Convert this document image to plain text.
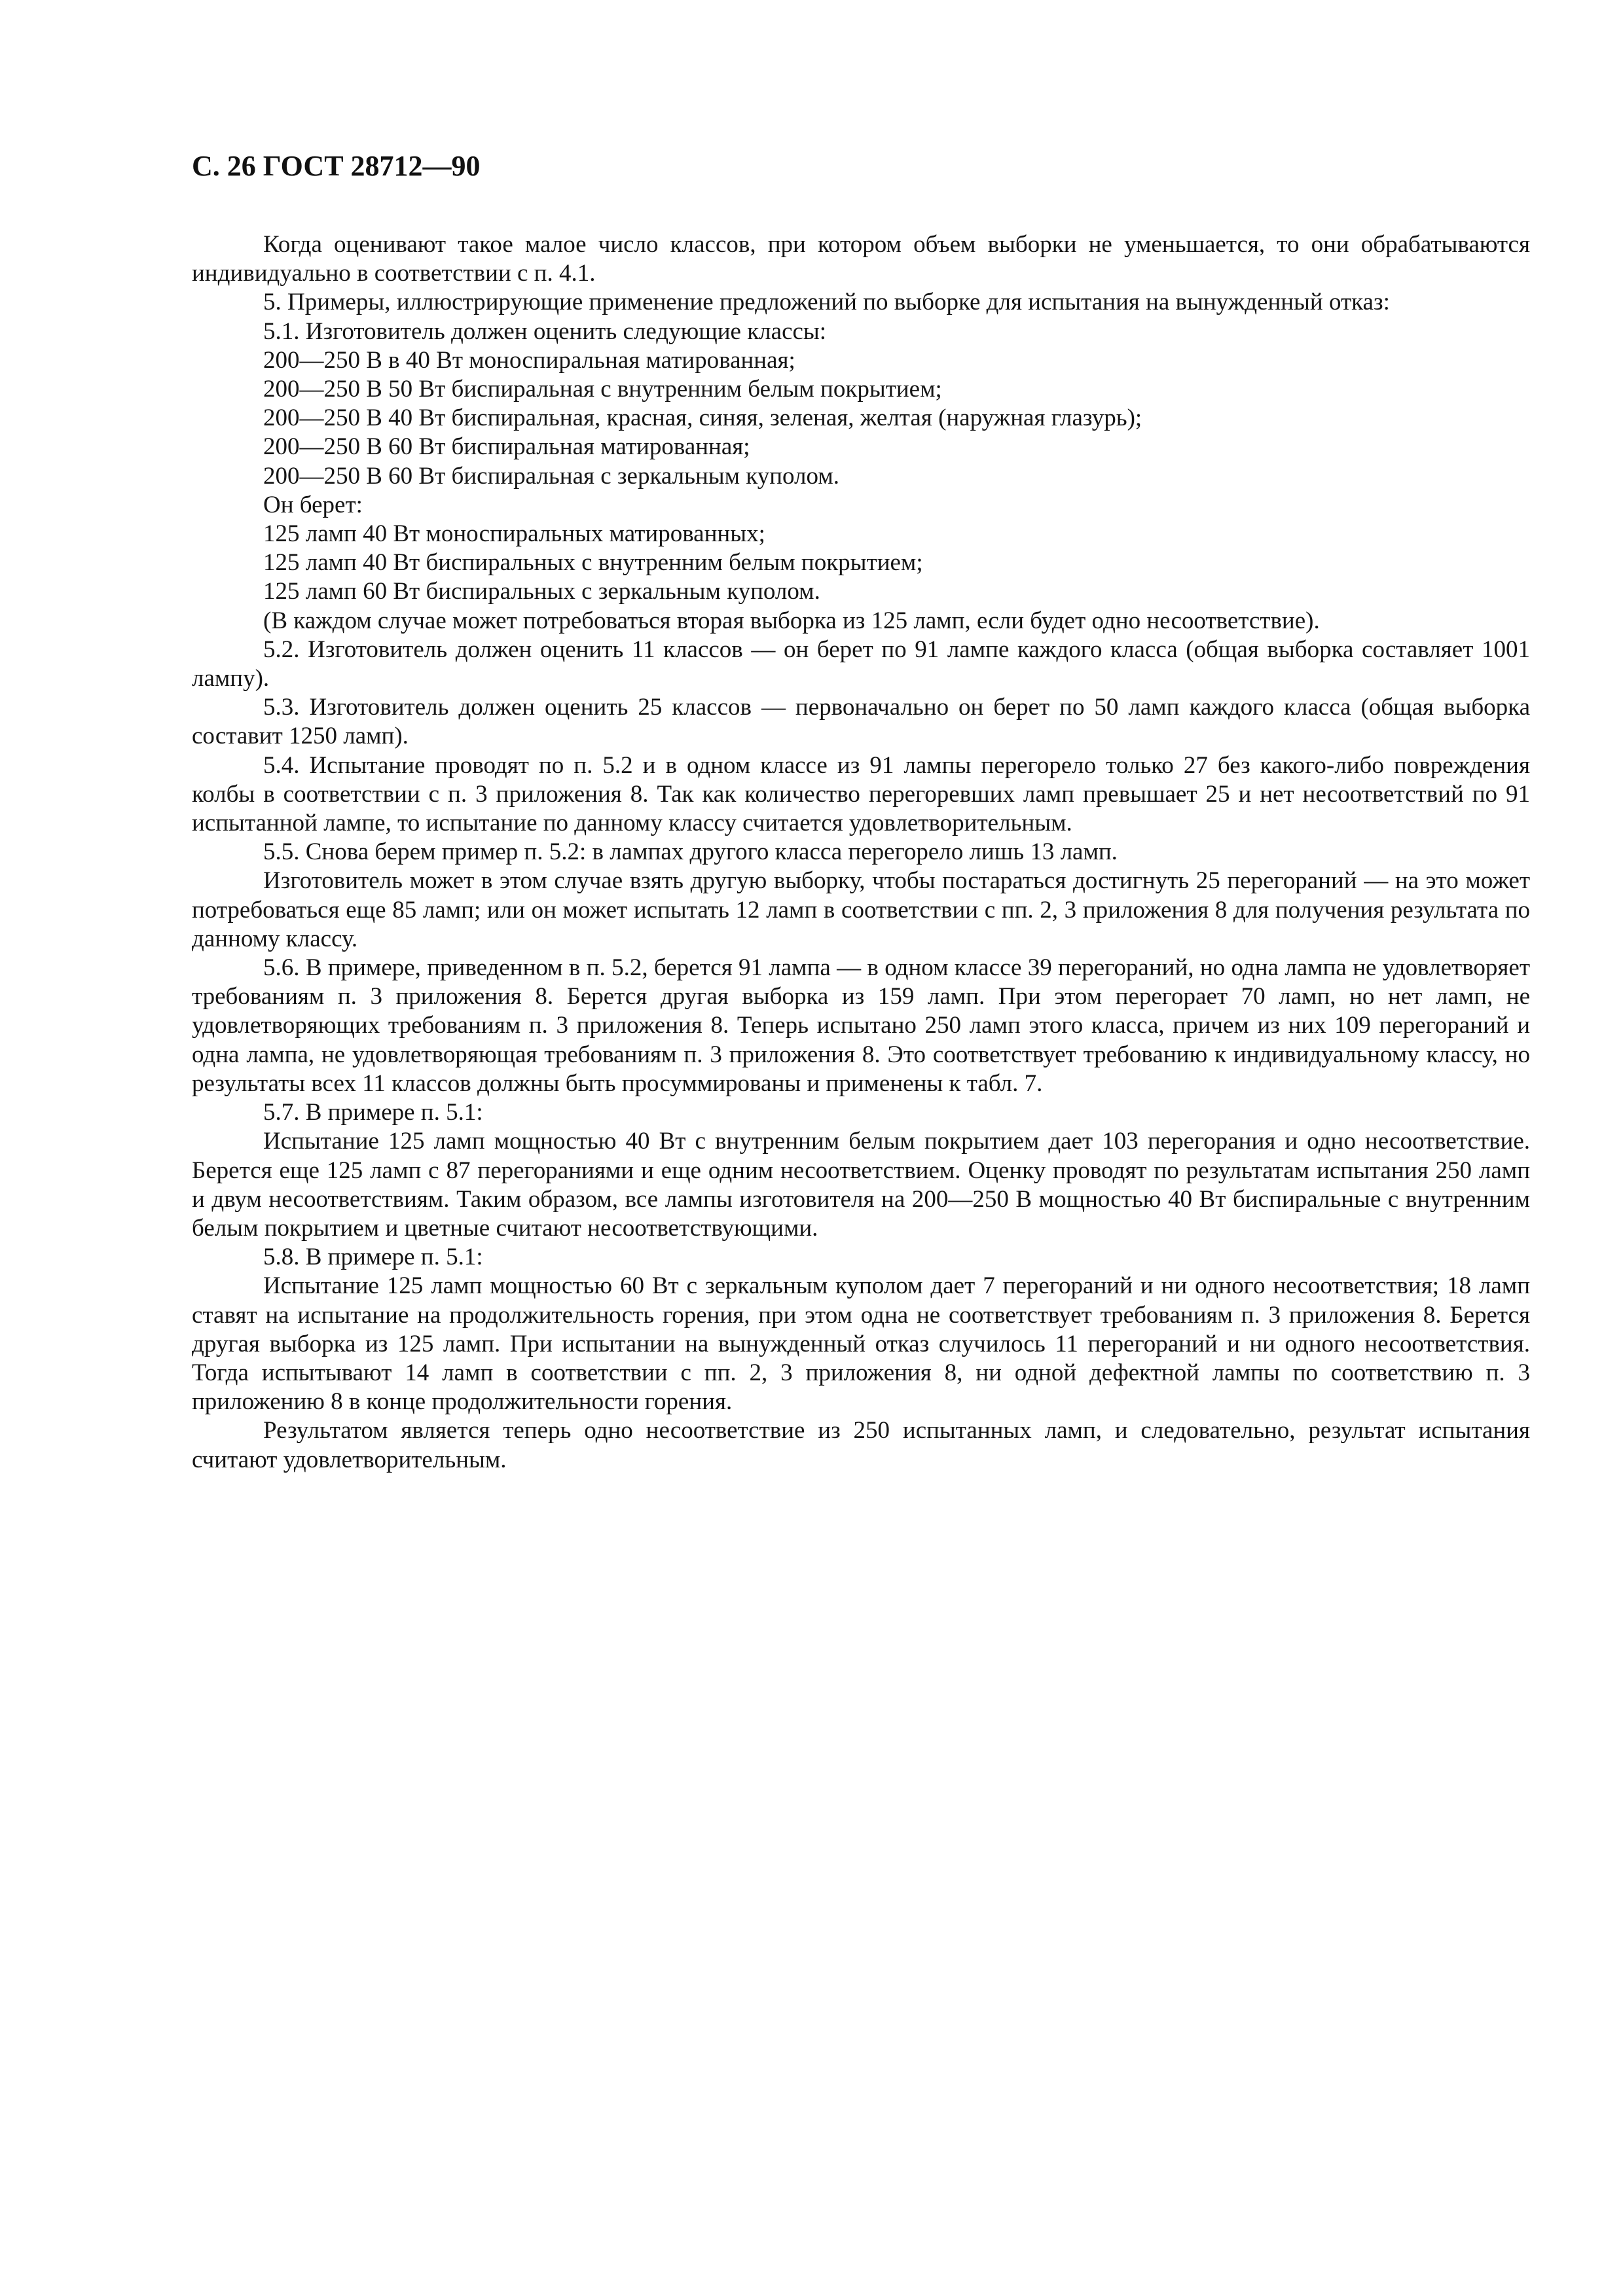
С. 26 ГОСТ 28712—90

Когда оценивают такое малое число классов, при котором объем выборки не уменьшается, то они обрабатываются индивидуально в соответствии с п. 4.1.

5. Примеры, иллюстрирующие применение предложений по выборке для испытания на вынужденный отказ:

5.1. Изготовитель должен оценить следующие классы:

200—250 В в 40 Вт моноспиральная матированная;

200—250 В 50 Вт биспиральная с внутренним белым покрытием;

200—250 В 40 Вт биспиральная, красная, синяя, зеленая, желтая (наружная глазурь);

200—250 В 60 Вт биспиральная матированная;

200—250 В 60 Вт биспиральная с зеркальным куполом.

Он берет:

125 ламп 40 Вт моноспиральных матированных;

125 ламп 40 Вт биспиральных с внутренним белым покрытием;

125 ламп 60 Вт биспиральных с зеркальным куполом.

(В каждом случае может потребоваться вторая выборка из 125 ламп, если будет одно несоответствие).

5.2. Изготовитель должен оценить 11 классов — он берет по 91 лампе каждого класса (общая выборка составляет 1001 лампу).

5.3. Изготовитель должен оценить 25 классов — первоначально он берет по 50 ламп каждого класса (общая выборка составит 1250 ламп).

5.4. Испытание проводят по п. 5.2 и в одном классе из 91 лампы перегорело только 27 без какого-либо повреждения колбы в соответствии с п. 3 приложения 8. Так как количество перегоревших ламп превышает 25 и нет несоответствий по 91 испытанной лампе, то испытание по данному классу считается удовлетворительным.

5.5. Снова берем пример п. 5.2: в лампах другого класса перегорело лишь 13 ламп.

Изготовитель может в этом случае взять другую выборку, чтобы постараться достигнуть 25 перегораний — на это может потребоваться еще 85 ламп; или он может испытать 12 ламп в соответствии с пп. 2, 3 приложения 8 для получения результата по данному классу.

5.6. В примере, приведенном в п. 5.2, берется 91 лампа — в одном классе 39 перегораний, но одна лампа не удовлетворяет требованиям п. 3 приложения 8. Берется другая выборка из 159 ламп. При этом перегорает 70 ламп, но нет ламп, не удовлетворяющих требованиям п. 3 приложения 8. Теперь испытано 250 ламп этого класса, причем из них 109 перегораний и одна лампа, не удовлетворяющая требованиям п. 3 приложения 8. Это соответствует требованию к индивидуальному классу, но результаты всех 11 классов должны быть просуммированы и применены к табл. 7.

5.7. В примере п. 5.1:

Испытание 125 ламп мощностью 40 Вт с внутренним белым покрытием дает 103 перегорания и одно несоответствие. Берется еще 125 ламп с 87 перегораниями и еще одним несоответствием. Оценку проводят по результатам испытания 250 ламп и двум несоответствиям. Таким образом, все лампы изготовителя на 200—250 В мощностью 40 Вт биспиральные с внутренним белым покрытием и цветные считают несоответствующими.

5.8. В примере п. 5.1:

Испытание 125 ламп мощностью 60 Вт с зеркальным куполом дает 7 перегораний и ни одного несоответствия; 18 ламп ставят на испытание на продолжительность горения, при этом одна не соответствует требованиям п. 3 приложения 8. Берется другая выборка из 125 ламп. При испытании на вынужденный отказ случилось 11 перегораний и ни одного несоответствия. Тогда испытывают 14 ламп в соответствии с пп. 2, 3 приложения 8, ни одной дефектной лампы по соответствию п. 3 приложению 8 в конце продолжительности горения.

Результатом является теперь одно несоответствие из 250 испытанных ламп, и следовательно, результат испытания считают удовлетворительным.
